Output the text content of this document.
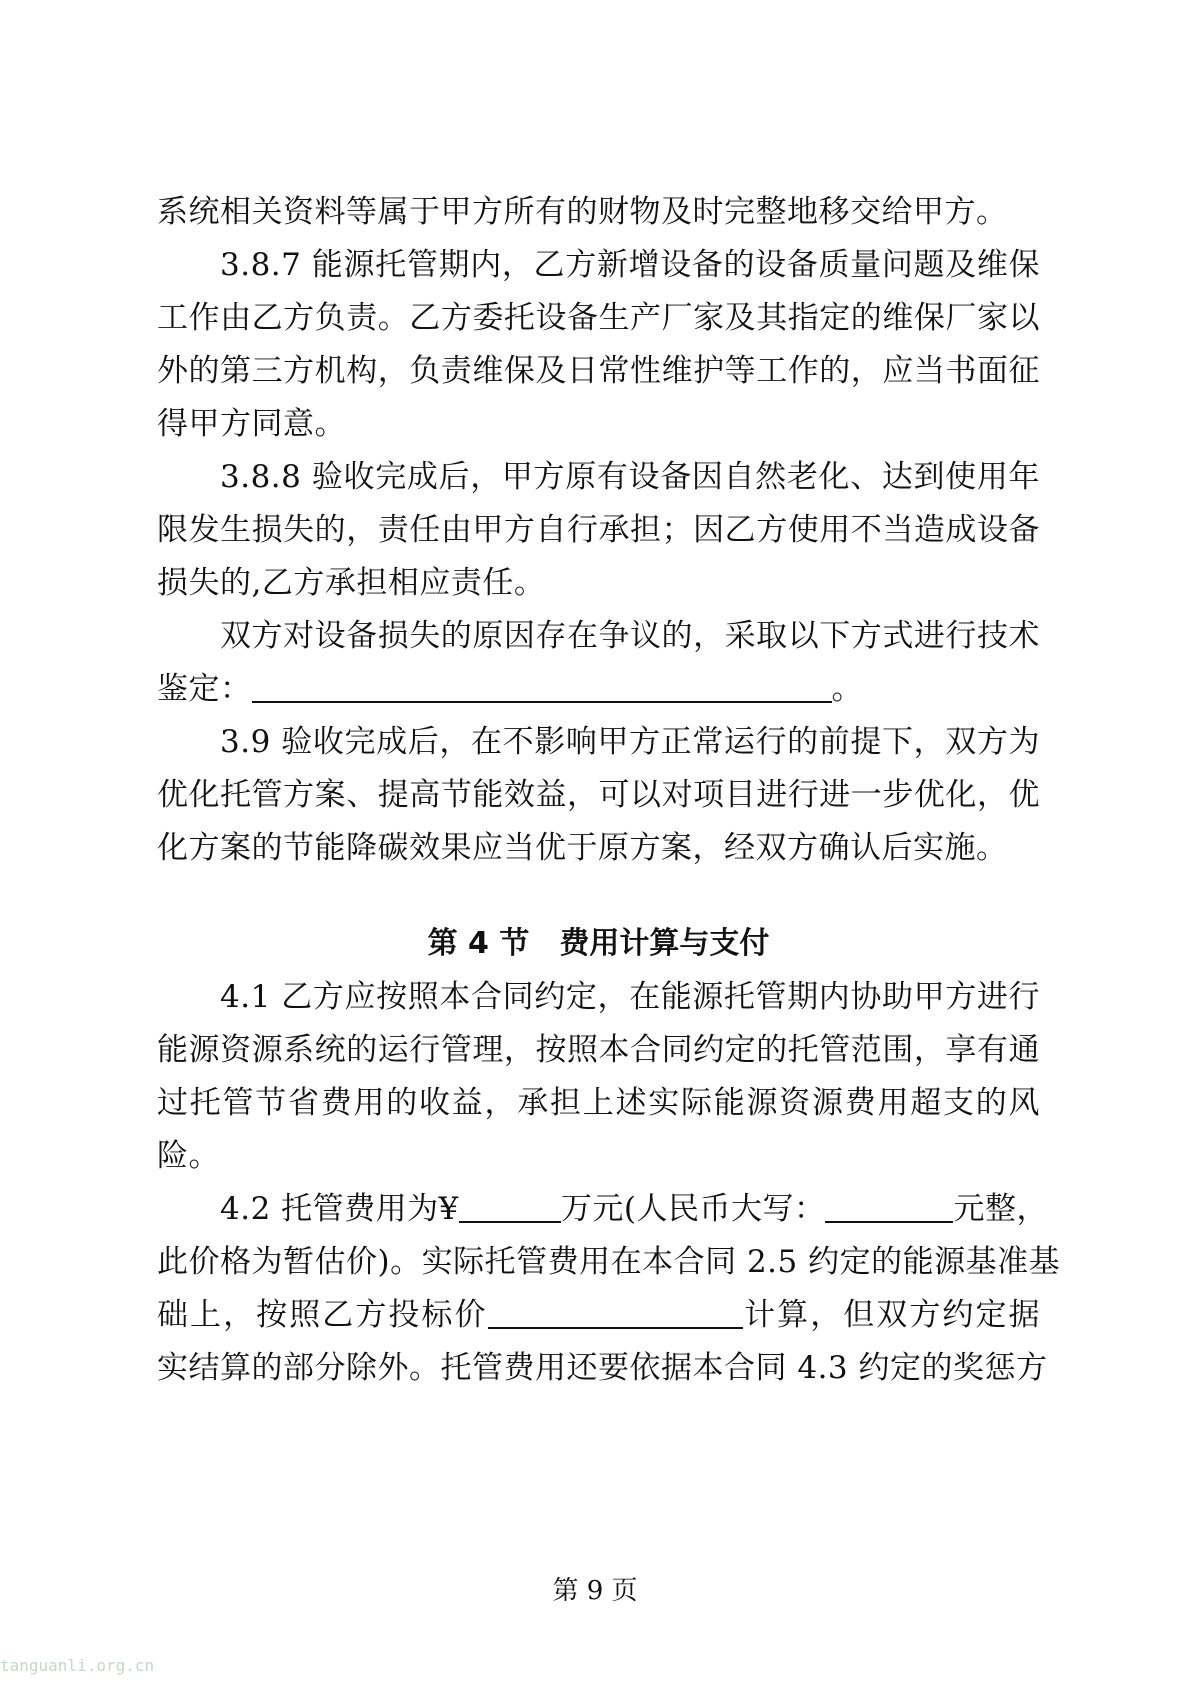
系统相关资料等属于甲方所有的财物及时完整地移交给甲方。
3.8.7 能源托管期内，乙方新增设备的设备质量问题及维保
工作由乙方负责。乙方委托设备生产厂家及其指定的维保厂家以
外的第三方机构，负责维保及日常性维护等工作的，应当书面征
得甲方同意。
3.8.8 验收完成后，甲方原有设备因自然老化、达到使用年
限发生损失的，责任由甲方自行承担；因乙方使用不当造成设备
损失的,乙方承担相应责任。
双方对设备损失的原因存在争议的，采取以下方式进行技术
鉴定：	。
3.9 验收完成后，在不影响甲方正常运行的前提下，双方为
优化托管方案、提高节能效益，可以对项目进行进一步优化，优
化方案的节能降碳效果应当优于原方案，经双方确认后实施。
第 4 节 费用计算与支付
4.1 乙方应按照本合同约定，在能源托管期内协助甲方进行
能源资源系统的运行管理，按照本合同约定的托管范围，享有通
过托管节省费用的收益，承担上述实际能源资源费用超支的风
险。
4.2 托管费用为¥	万元(人民币大写：	元整，
此价格为暂估价)。实际托管费用在本合同 2.5 约定的能源基准基
础上，按照乙方投标价	计算，但双方约定据
实结算的部分除外。托管费用还要依据本合同 4.3 约定的奖惩方
第 9 页
tanguanli.org.cn
